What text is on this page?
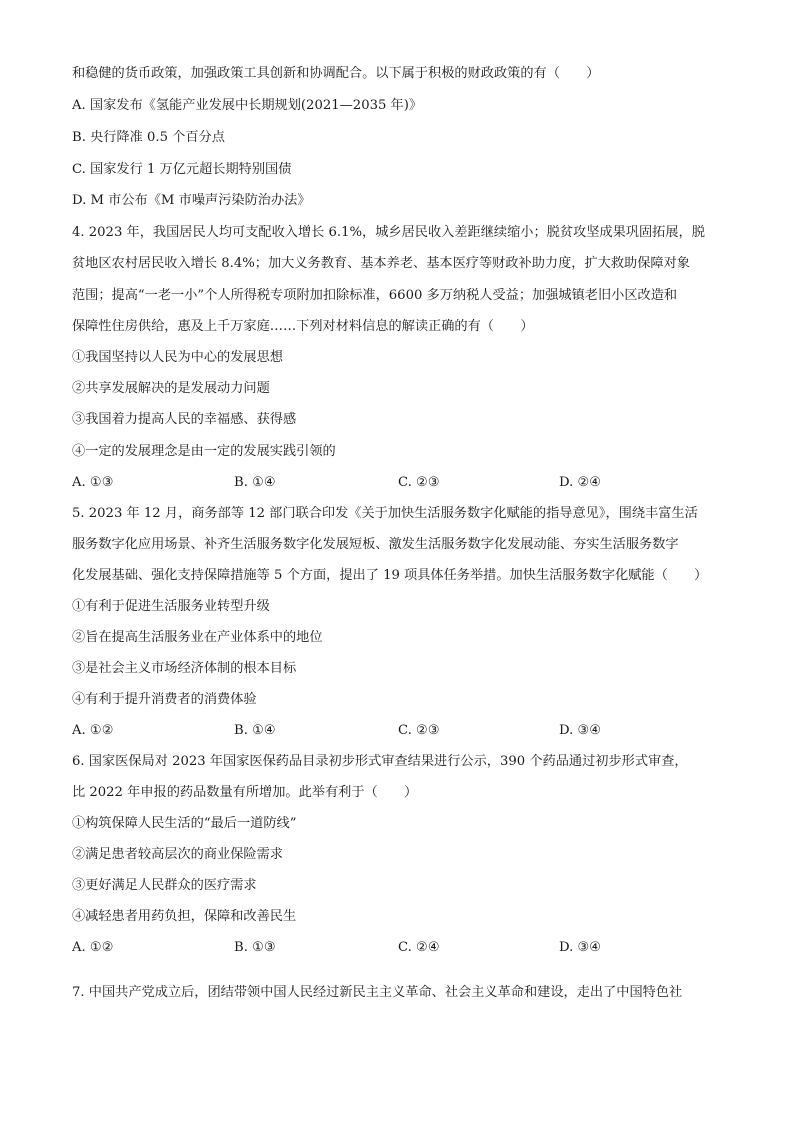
和稳健的货币政策，加强政策工具创新和协调配合。以下属于积极的财政政策的有（　　）
A. 国家发布《氢能产业发展中长期规划(2021—2035 年)》
B. 央行降准 0.5 个百分点
C. 国家发行 1 万亿元超长期特别国债
D. M 市公布《M 市噪声污染防治办法》
4. 2023 年，我国居民人均可支配收入增长 6.1%，城乡居民收入差距继续缩小；脱贫攻坚成果巩固拓展，脱
贫地区农村居民收入增长 8.4%；加大义务教育、基本养老、基本医疗等财政补助力度，扩大救助保障对象
范围；提高“一老一小”个人所得税专项附加扣除标准，6600 多万纳税人受益；加强城镇老旧小区改造和
保障性住房供给，惠及上千万家庭……下列对材料信息的解读正确的有（　　）
①我国坚持以人民为中心的发展思想
②共享发展解决的是发展动力问题
③我国着力提高人民的幸福感、获得感
④一定的发展理念是由一定的发展实践引领的
A. ①③	B. ①④	C. ②③	D. ②④
5. 2023 年 12 月，商务部等 12 部门联合印发《关于加快生活服务数字化赋能的指导意见》，围绕丰富生活
服务数字化应用场景、补齐生活服务数字化发展短板、激发生活服务数字化发展动能、夯实生活服务数字
化发展基础、强化支持保障措施等 5 个方面，提出了 19 项具体任务举措。加快生活服务数字化赋能（　　）
①有利于促进生活服务业转型升级
②旨在提高生活服务业在产业体系中的地位
③是社会主义市场经济体制的根本目标
④有利于提升消费者的消费体验
A. ①②	B. ①④	C. ②③	D. ③④
6. 国家医保局对 2023 年国家医保药品目录初步形式审查结果进行公示，390 个药品通过初步形式审查，
比 2022 年申报的药品数量有所增加。此举有利于（　　）
①构筑保障人民生活的“最后一道防线”
②满足患者较高层次的商业保险需求
③更好满足人民群众的医疗需求
④减轻患者用药负担，保障和改善民生
A. ①②	B. ①③	C. ②④	D. ③④
7. 中国共产党成立后，团结带领中国人民经过新民主主义革命、社会主义革命和建设，走出了中国特色社
